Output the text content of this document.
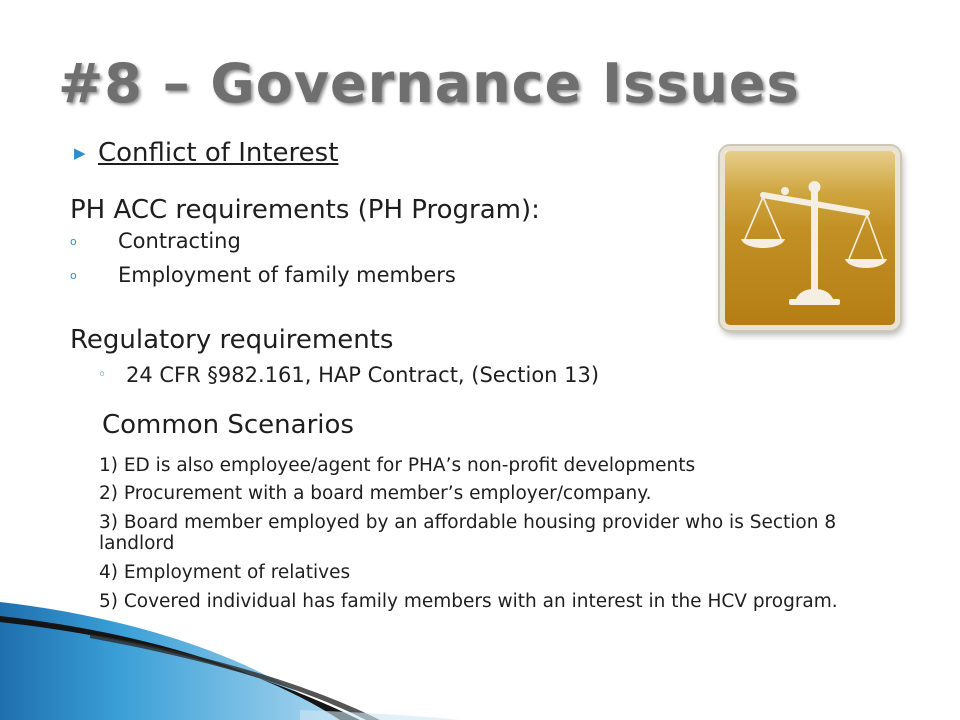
#8 – Governance Issues
▶ Conflict of Interest
PH ACC requirements (PH Program):
o	Contracting
o	Employment of family members
Regulatory requirements
◦ 24 CFR §982.161, HAP Contract, (Section 13)
Common Scenarios

1) ED is also employee/agent for PHA’s non-profit developments

2) Procurement with a board member’s employer/company.

3) Board member employed by an affordable housing provider who is Section 8 landlord

4) Employment of relatives

5) Covered individual has family members with an interest in the HCV program.
